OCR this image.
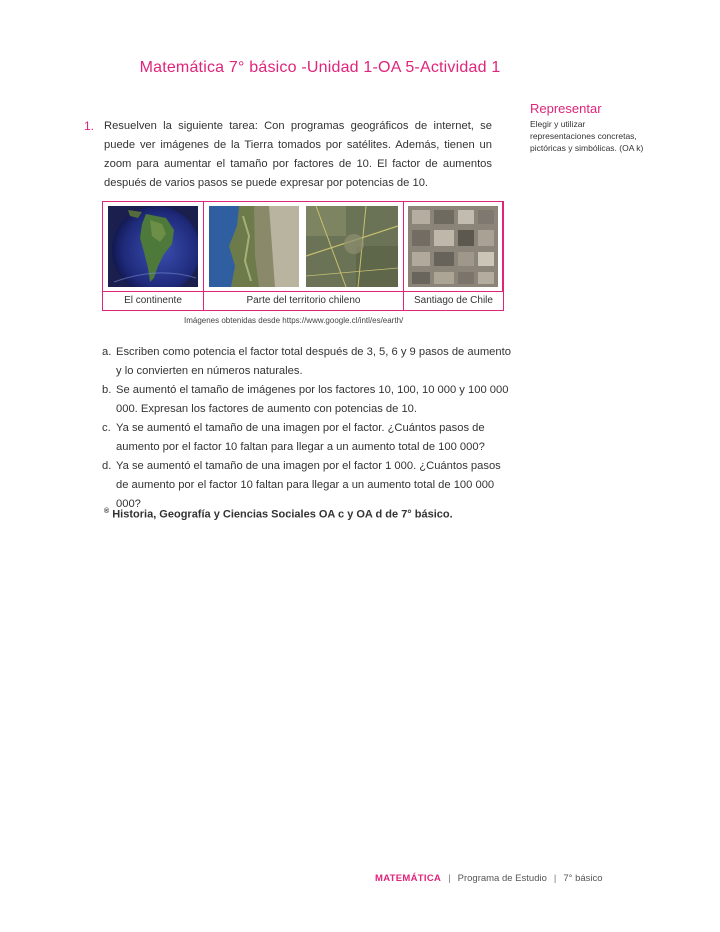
Matemática 7° básico -Unidad 1-OA 5-Actividad 1
Representar
Elegir y utilizar representaciones concretas, pictóricas y simbólicas. (OA k)
1. Resuelven la siguiente tarea: Con programas geográficos de internet, se puede ver imágenes de la Tierra tomados por satélites. Además, tienen un zoom para aumentar el tamaño por factores de 10. El factor de aumentos después de varios pasos se puede expresar por potencias de 10.
El continente	Parte del territorio chileno	Santiago de Chile
Imágenes obtenidas desde https://www.google.cl/intl/es/earth/
a. Escriben como potencia el factor total después de 3, 5, 6 y 9 pasos de aumento y lo convierten en números naturales.
b. Se aumentó el tamaño de imágenes por los factores 10, 100, 10 000 y 100 000 000. Expresan los factores de aumento con potencias de 10.
c. Ya se aumentó el tamaño de una imagen por el factor. ¿Cuántos pasos de aumento por el factor 10 faltan para llegar a un aumento total de 100 000?
d. Ya se aumentó el tamaño de una imagen por el factor 1 000. ¿Cuántos pasos de aumento por el factor 10 faltan para llegar a un aumento total de 100 000 000?
® Historia, Geografía y Ciencias Sociales OA c y OA d de 7° básico.
MATEMÁTICA | Programa de Estudio | 7° básico
